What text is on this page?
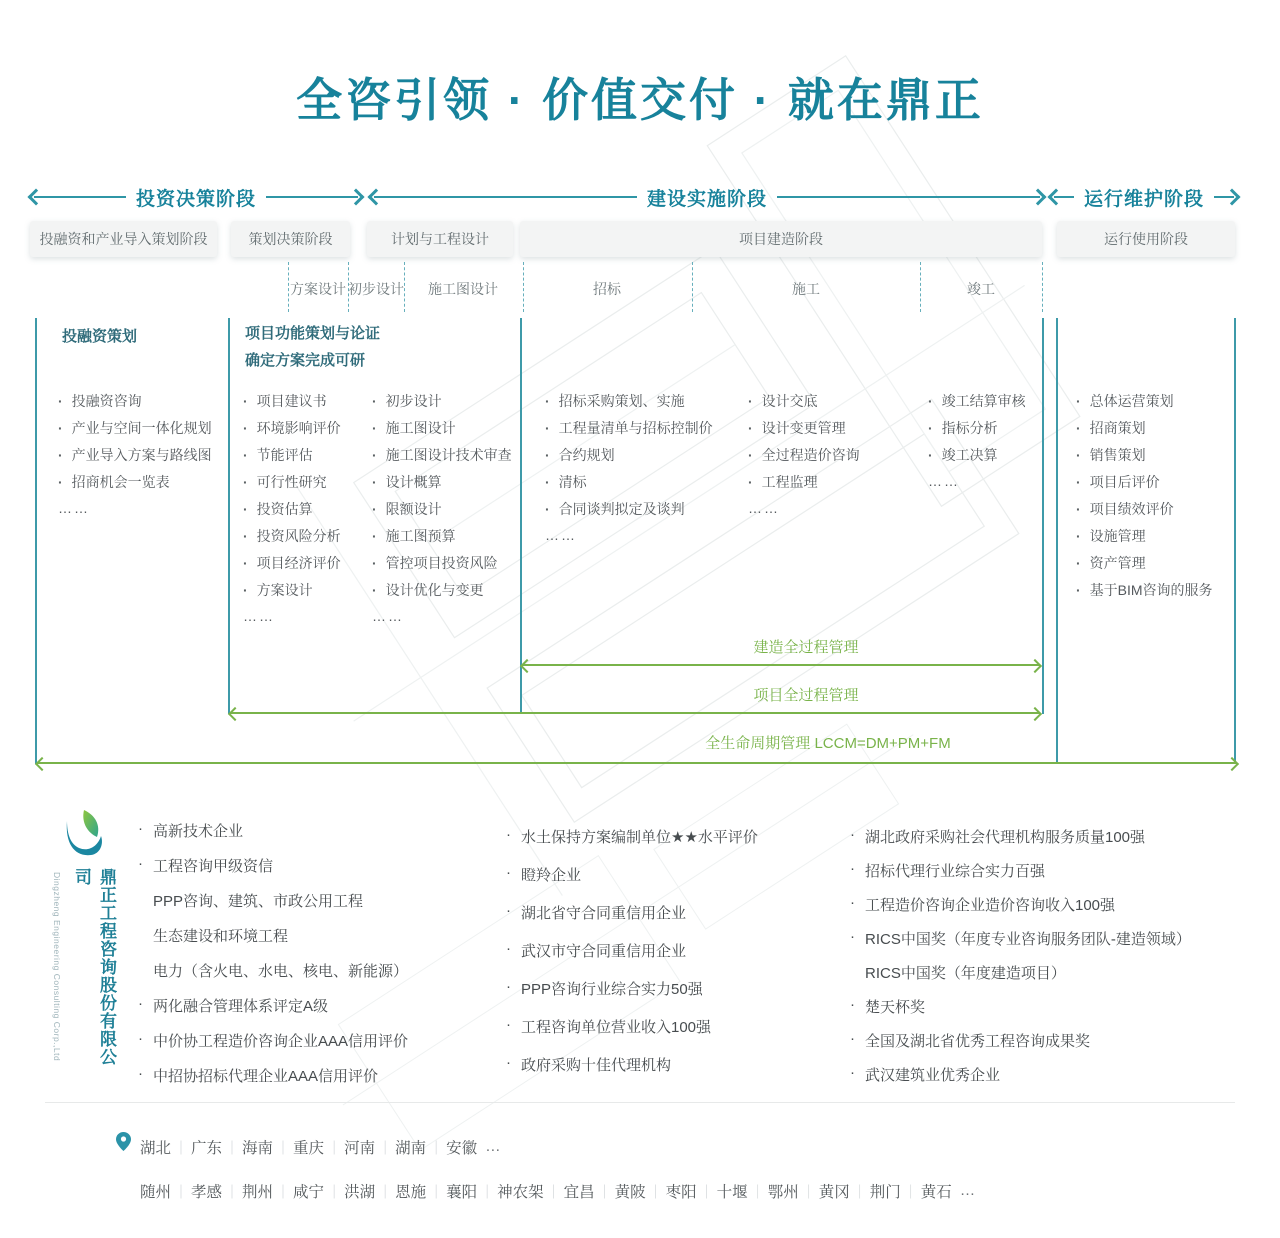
全咨引领 · 价值交付 · 就在鼎正
投资决策阶段	建设实施阶段	运行维护阶段
投融资和产业导入策划阶段	策划决策阶段	计划与工程设计	项目建造阶段	运行使用阶段
方案设计 初步设计	施工图设计	招标	施工	竣工
投融资策划	项目功能策划与论证
确定方案完成可研
· 投融资咨询
· 产业与空间一体化规划
· 产业导入方案与路线图
· 招商机会一览表
……
· 项目建议书
· 环境影响评价
· 节能评估
· 可行性研究
· 投资估算
· 投资风险分析
· 项目经济评价
· 方案设计
……
· 初步设计
· 施工图设计
· 施工图设计技术审查
· 设计概算
· 限额设计
· 施工图预算
· 管控项目投资风险
· 设计优化与变更
……
· 招标采购策划、实施
· 工程量清单与招标控制价
· 合约规划
· 清标
· 合同谈判拟定及谈判
……
· 设计交底
· 设计变更管理
· 全过程造价咨询
· 工程监理
……
· 竣工结算审核
· 指标分析
· 竣工决算
……
· 总体运营策划
· 招商策划
· 销售策划
· 项目后评价
· 项目绩效评价
· 设施管理
· 资产管理
· 基于BIM咨询的服务
建造全过程管理
项目全过程管理
全生命周期管理 LCCM=DM+PM+FM
Dingzheng Engineering Consulting Corp.,Ltd	鼎正工程咨询股份有限公司
· 高新技术企业
· 工程咨询甲级资信
PPP咨询、建筑、市政公用工程
生态建设和环境工程
电力（含火电、水电、核电、新能源）
· 两化融合管理体系评定A级
· 中价协工程造价咨询企业AAA信用评价
· 中招协招标代理企业AAA信用评价
· 水土保持方案编制单位★★水平评价
· 瞪羚企业
· 湖北省守合同重信用企业
· 武汉市守合同重信用企业
· PPP咨询行业综合实力50强
· 工程咨询单位营业收入100强
· 政府采购十佳代理机构
· 湖北政府采购社会代理机构服务质量100强
· 招标代理行业综合实力百强
· 工程造价咨询企业造价咨询收入100强
· RICS中国奖（年度专业咨询服务团队-建造领域）
RICS中国奖（年度建造项目）
· 楚天杯奖
· 全国及湖北省优秀工程咨询成果奖
· 武汉建筑业优秀企业
湖北 ｜	广东 ｜	海南 ｜	重庆 ｜	河南 ｜	湖南 ｜	安徽 …
随州 ｜	孝感 ｜	荆州 ｜	咸宁 ｜	洪湖 ｜	恩施 ｜	襄阳 ｜	神农架 ｜	宜昌 ｜	黄陂 ｜	枣阳 ｜	十堰 ｜	鄂州 ｜	黄冈 ｜	荆门 ｜	黄石 …
